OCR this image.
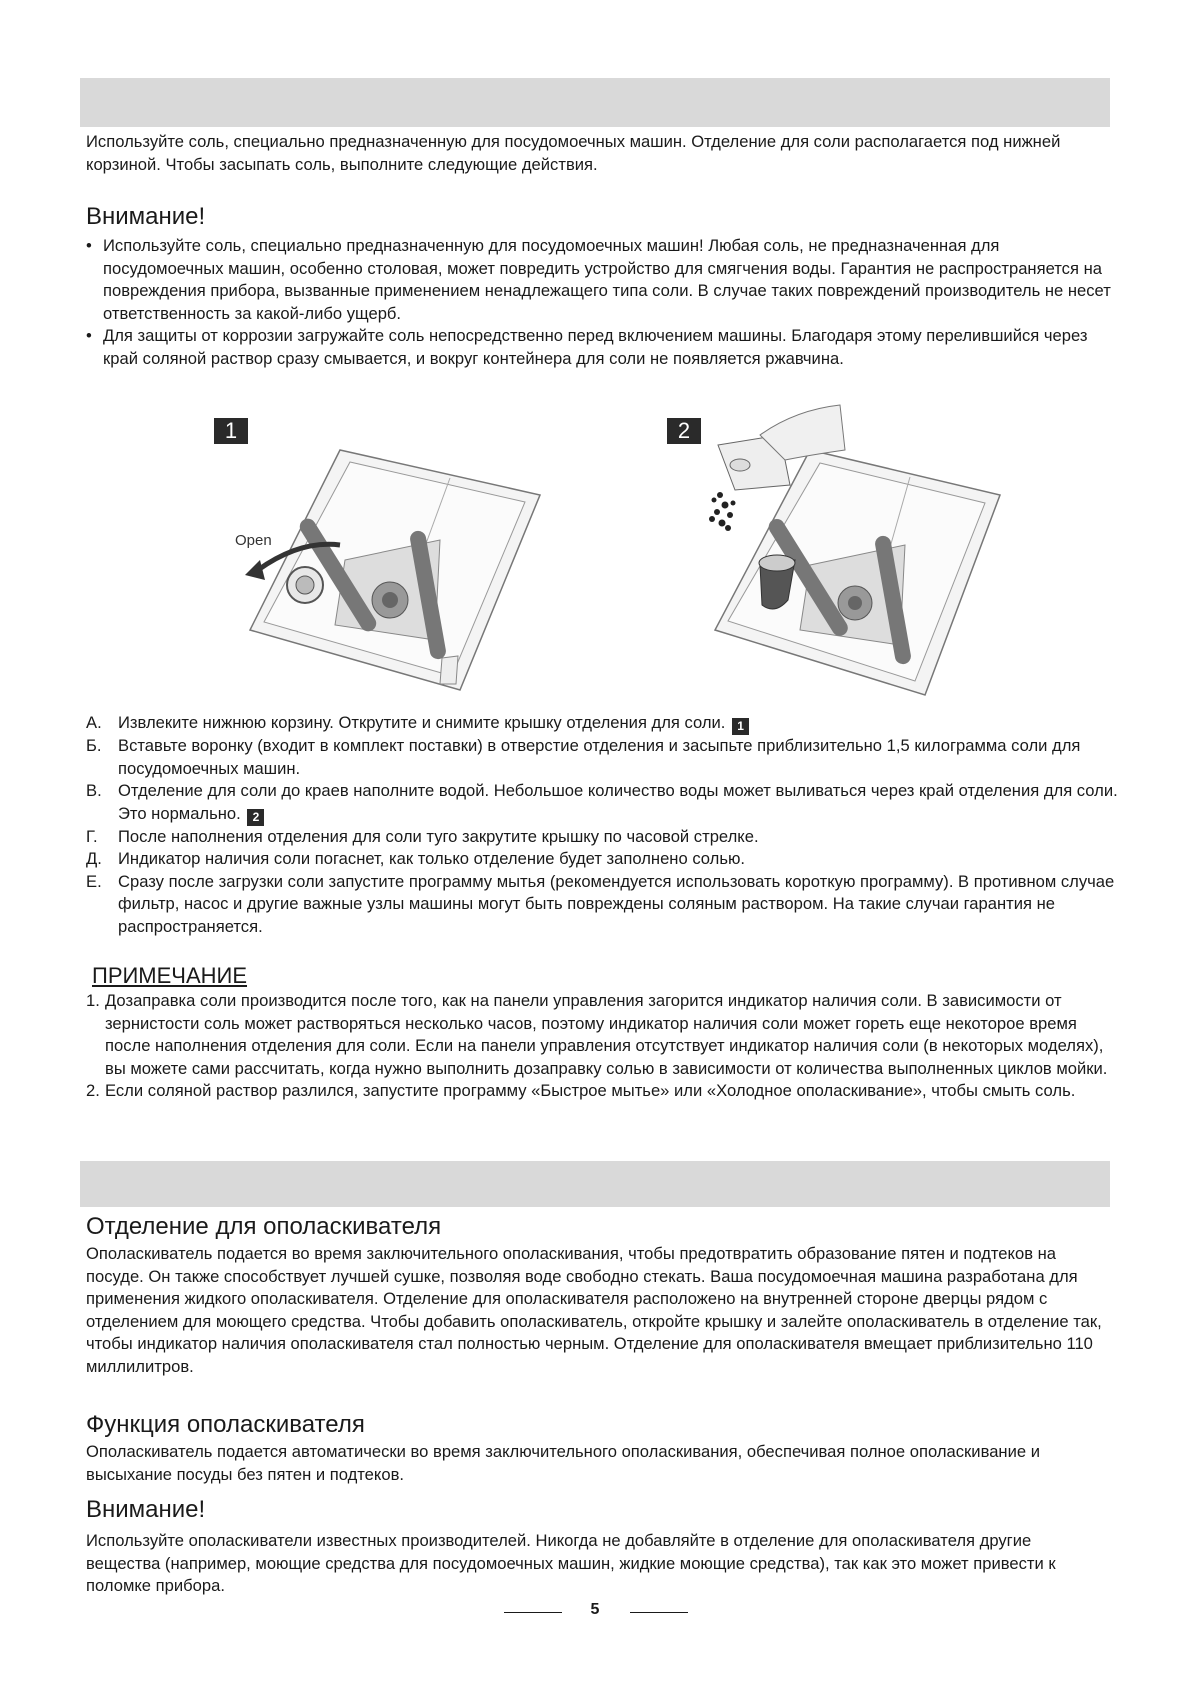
Используйте соль, специально предназначенную для посудомоечных машин. Отделение для соли располагается под нижней корзиной. Чтобы засыпать соль, выполните следующие действия.
Внимание!
• Используйте соль, специально предназначенную для посудомоечных машин! Любая соль, не предназначенная для посудомоечных машин, особенно столовая, может повредить устройство для смягчения воды. Гарантия не распространяется на повреждения прибора, вызванные применением ненадлежащего типа соли. В случае таких повреждений производитель не несет ответственность за какой-либо ущерб.
• Для защиты от коррозии загружайте соль непосредственно перед включением машины. Благодаря этому перелившийся через край соляной раствор сразу смывается, и вокруг контейнера для соли не появляется ржавчина.
1
Open
2
А. Извлеките нижнюю корзину. Открутите и снимите крышку отделения для соли. 1
Б. Вставьте воронку (входит в комплект поставки) в отверстие отделения и засыпьте приблизительно 1,5 килограмма соли для посудомоечных машин.
В. Отделение для соли до краев наполните водой. Небольшое количество воды может выливаться через край отделения для соли. Это нормально. 2
Г.	После наполнения отделения для соли туго закрутите крышку по часовой стрелке.
Д. Индикатор наличия соли погаснет, как только отделение будет заполнено солью.
Е. Сразу после загрузки соли запустите программу мытья (рекомендуется использовать короткую программу). В противном случае фильтр, насос и другие важные узлы машины могут быть повреждены соляным раствором. На такие случаи гарантия не распространяется.
ПРИМЕЧАНИЕ
1. Дозаправка соли производится после того, как на панели управления загорится индикатор наличия соли. В зависимости от зернистости соль может растворяться несколько часов, поэтому индикатор наличия соли может гореть еще некоторое время после наполнения отделения для соли. Если на панели управления отсутствует индикатор наличия соли (в некоторых моделях), вы можете сами рассчитать, когда нужно выполнить дозаправку солью в зависимости от количества выполненных циклов мойки.
2. Если соляной раствор разлился, запустите программу «Быстрое мытье» или «Холодное ополаскивание», чтобы смыть соль.
Отделение для ополаскивателя
Ополаскиватель подается во время заключительного ополаскивания, чтобы предотвратить образование пятен и подтеков на посуде. Он также способствует лучшей сушке, позволяя воде свободно стекать. Ваша посудомоечная машина разработана для применения жидкого ополаскивателя. Отделение для ополаскивателя расположено на внутренней стороне дверцы рядом с отделением для моющего средства. Чтобы добавить ополаскиватель, откройте крышку и залейте ополаскиватель в отделение так, чтобы индикатор наличия ополаскивателя стал полностью черным. Отделение для ополаскивателя вмещает приблизительно 110 миллилитров.
Функция ополаскивателя
Ополаскиватель подается автоматически во время заключительного ополаскивания, обеспечивая полное ополаскивание и высыхание посуды без пятен и подтеков.
Внимание!
Используйте ополаскиватели известных производителей. Никогда не добавляйте в отделение для ополаскивателя другие вещества (например, моющие средства для посудомоечных машин, жидкие моющие средства), так как это может привести к поломке прибора.
5
